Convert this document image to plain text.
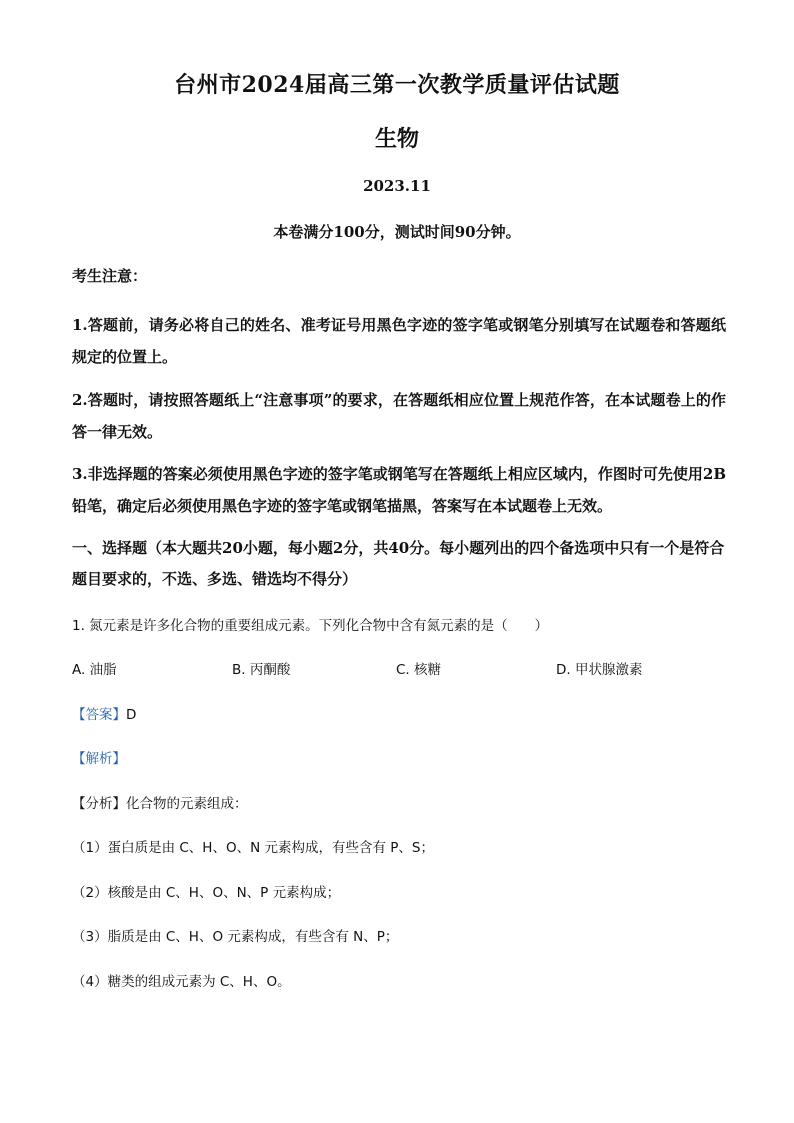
台州市2024届高三第一次教学质量评估试题
生物
2023.11
本卷满分100分，测试时间90分钟。
考生注意：
1.答题前，请务必将自己的姓名、准考证号用黑色字迹的签字笔或钢笔分别填写在试题卷和答题纸规定的位置上。
2.答题时，请按照答题纸上“注意事项”的要求，在答题纸相应位置上规范作答，在本试题卷上的作答一律无效。
3.非选择题的答案必须使用黑色字迹的签字笔或钢笔写在答题纸上相应区域内，作图时可先使用2B铅笔，确定后必须使用黑色字迹的签字笔或钢笔描黑，答案写在本试题卷上无效。
一、选择题（本大题共20小题，每小题2分，共40分。每小题列出的四个备选项中只有一个是符合题目要求的，不选、多选、错选均不得分）
1. 氮元素是许多化合物的重要组成元素。下列化合物中含有氮元素的是（　　）
A. 油脂	B. 丙酮酸	C. 核糖	D. 甲状腺激素
【答案】D
【解析】
【分析】化合物的元素组成：
（1）蛋白质是由 C、H、O、N 元素构成，有些含有 P、S；
（2）核酸是由 C、H、O、N、P 元素构成；
（3）脂质是由 C、H、O 元素构成，有些含有 N、P；
（4）糖类的组成元素为 C、H、O。
